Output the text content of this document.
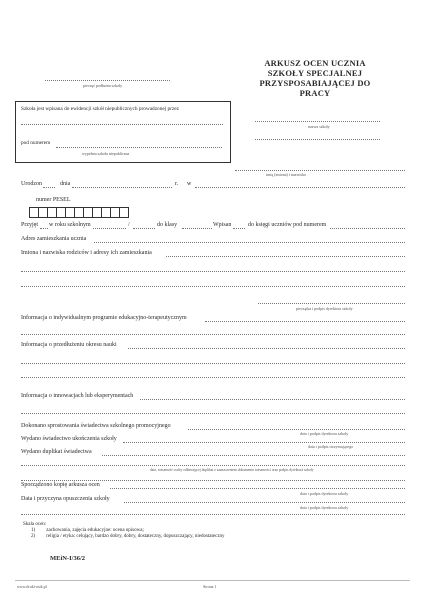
pieczęć podłużna szkoły
ARKUSZ OCEN UCZNIA
SZKOŁY SPECJALNEJ
PRZYSPOSABIAJĄCEJ DO PRACY
nazwa szkoły
Szkoła jest wpisana do ewidencji szkół niepublicznych prowadzonej przez
pod numerem
wypełnia szkoła niepubliczna
imię (imiona) i nazwisko
Urodzon	dnia	r. w
numer PESEL
Przyjęt w roku szkolnym	/	do klasy	Wpisan	do księgi uczniów pod numerem
Adres zamieszkania ucznia
Imiona i nazwiska rodziców i adresy ich zamieszkania
pieczątka i podpis dyrektora szkoły
Informacja o indywidualnym programie edukacyjno-terapeutycznym
Informacja o przedłużeniu okresu nauki
Informacja o innowacjach lub eksperymentach
Dokonano sprostowania świadectwa szkolnego promocyjnego
data i podpis dyrektora szkoły
Wydano świadectwo ukończenia szkoły
data i podpis otrzymującego
Wydano duplikat świadectwa
data, tożsamość osoby odbierającej duplikat z zaznaczeniem dokumentu tożsamości oraz podpis dyrektora szkoły
Sporządzono kopię arkusza ocen
data i podpis dyrektora szkoły
Data i przyczyna opuszczenia szkoły
data i podpis dyrektora szkoły
Skala ocen:
1) zachowania, zajęcia edukacyjne: ocena opisowa;
2) religia / etyka: celujący, bardzo dobry, dobry, dostateczny, dopuszczający, niedostateczny
MEiN-I/36/2
www.druki-asik.pl	Strona 1
